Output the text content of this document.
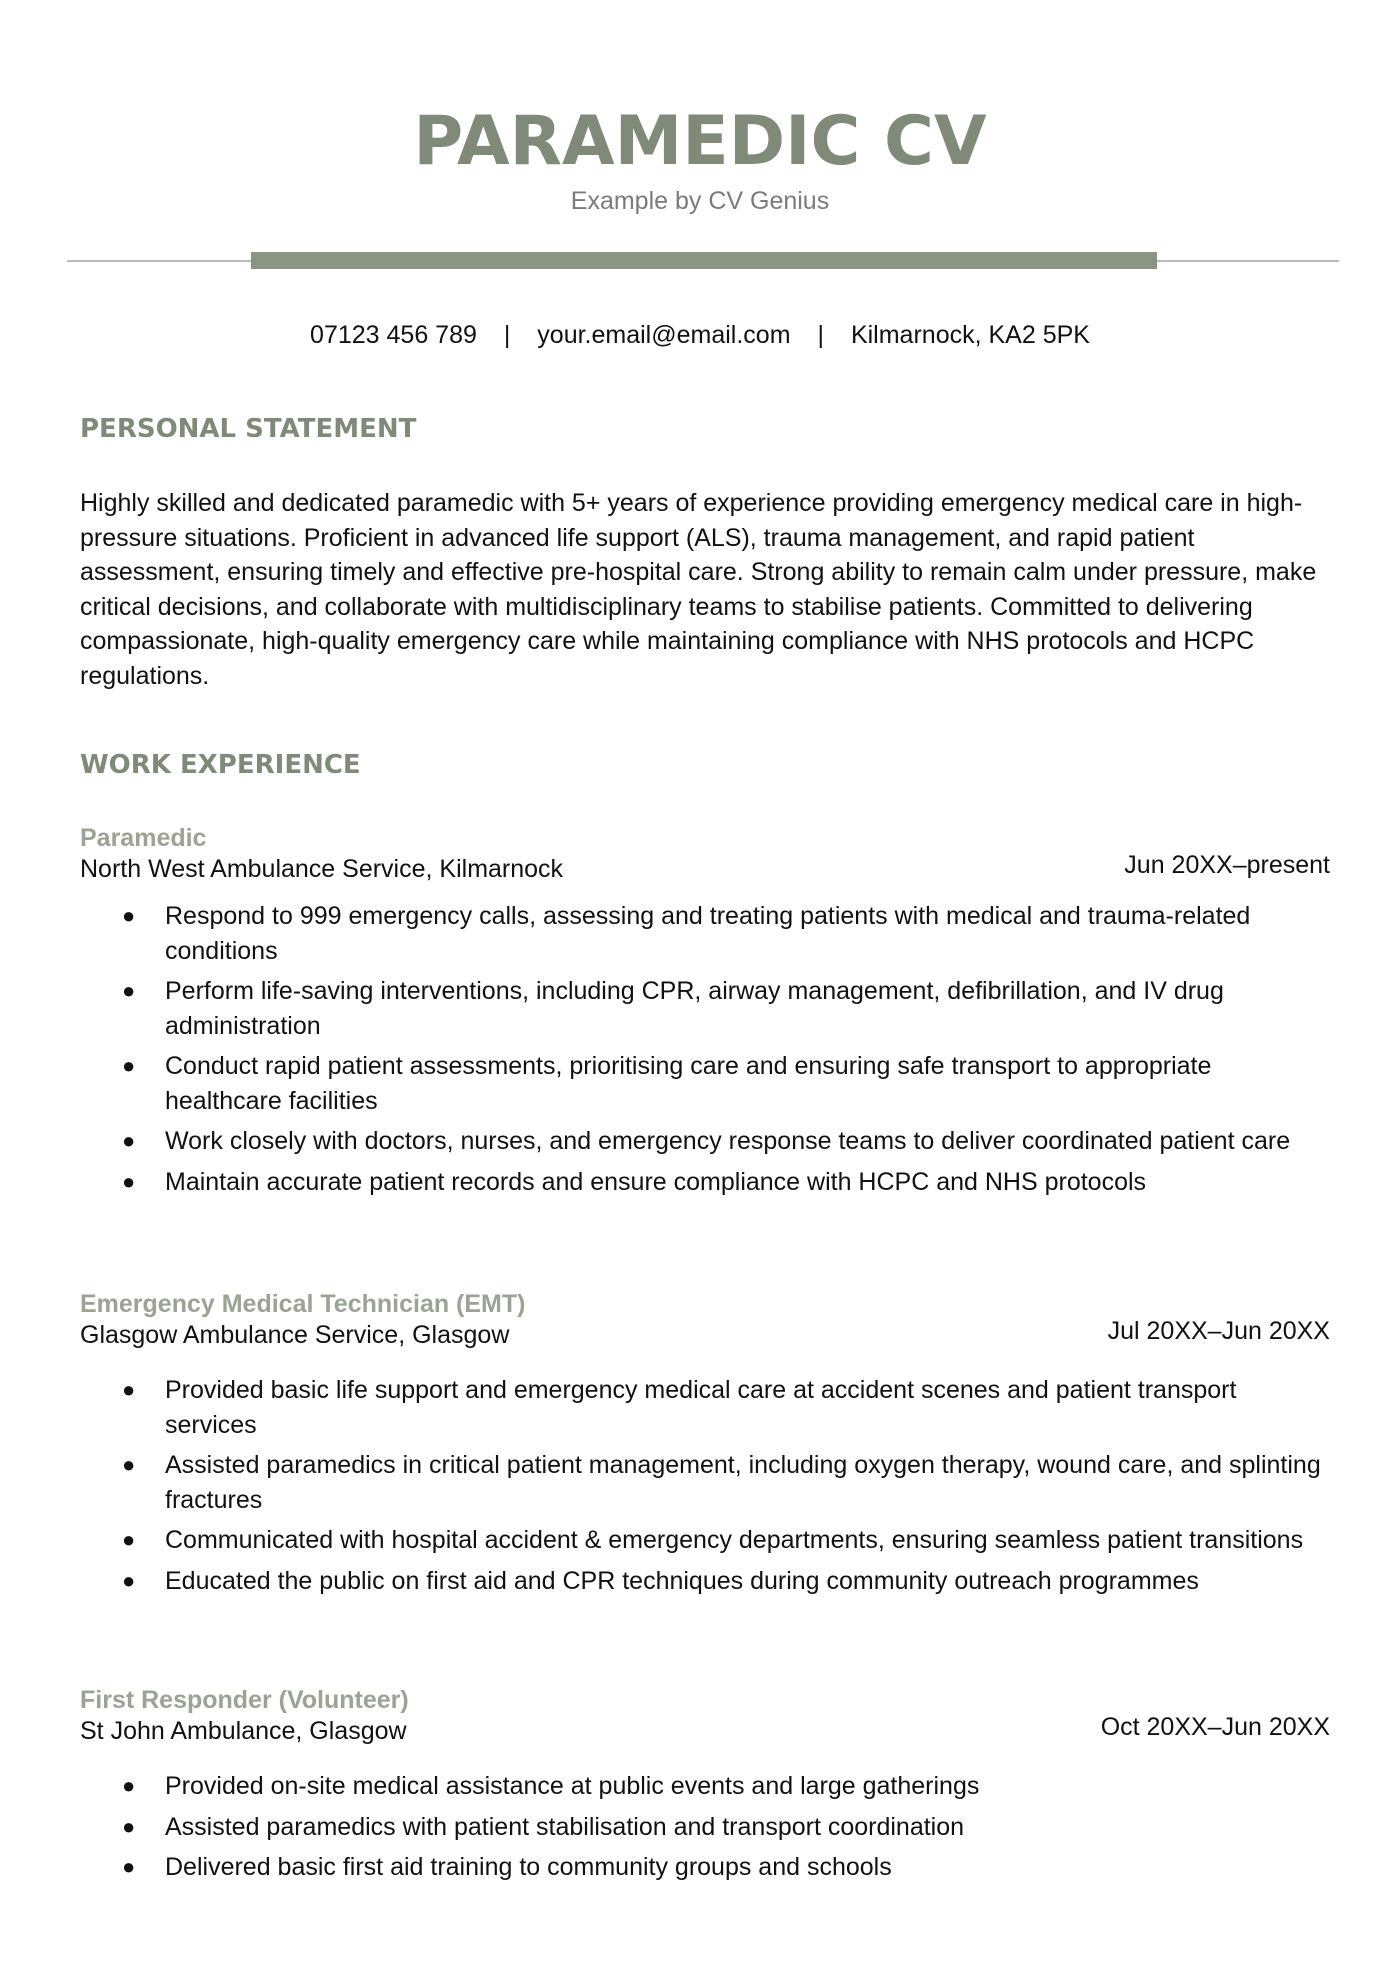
PARAMEDIC CV
Example by CV Genius
07123 456 789 | your.email@email.com | Kilmarnock, KA2 5PK
PERSONAL STATEMENT

Highly skilled and dedicated paramedic with 5+ years of experience providing emergency medical care in high-pressure situations. Proficient in advanced life support (ALS), trauma management, and rapid patient assessment, ensuring timely and effective pre-hospital care. Strong ability to remain calm under pressure, make critical decisions, and collaborate with multidisciplinary teams to stabilise patients. Committed to delivering compassionate, high-quality emergency care while maintaining compliance with NHS protocols and HCPC regulations.

WORK EXPERIENCE
Paramedic
North West Ambulance Service, Kilmarnock	Jun 20XX–present
● Respond to 999 emergency calls, assessing and treating patients with medical and trauma-related conditions
● Perform life-saving interventions, including CPR, airway management, defibrillation, and IV drug administration
● Conduct rapid patient assessments, prioritising care and ensuring safe transport to appropriate healthcare facilities
● Work closely with doctors, nurses, and emergency response teams to deliver coordinated patient care
● Maintain accurate patient records and ensure compliance with HCPC and NHS protocols
Emergency Medical Technician (EMT)
Glasgow Ambulance Service, Glasgow	Jul 20XX–Jun 20XX
● Provided basic life support and emergency medical care at accident scenes and patient transport services
● Assisted paramedics in critical patient management, including oxygen therapy, wound care, and splinting fractures
● Communicated with hospital accident & emergency departments, ensuring seamless patient transitions
● Educated the public on first aid and CPR techniques during community outreach programmes
First Responder (Volunteer)
St John Ambulance, Glasgow	Oct 20XX–Jun 20XX
● Provided on-site medical assistance at public events and large gatherings
● Assisted paramedics with patient stabilisation and transport coordination
● Delivered basic first aid training to community groups and schools
